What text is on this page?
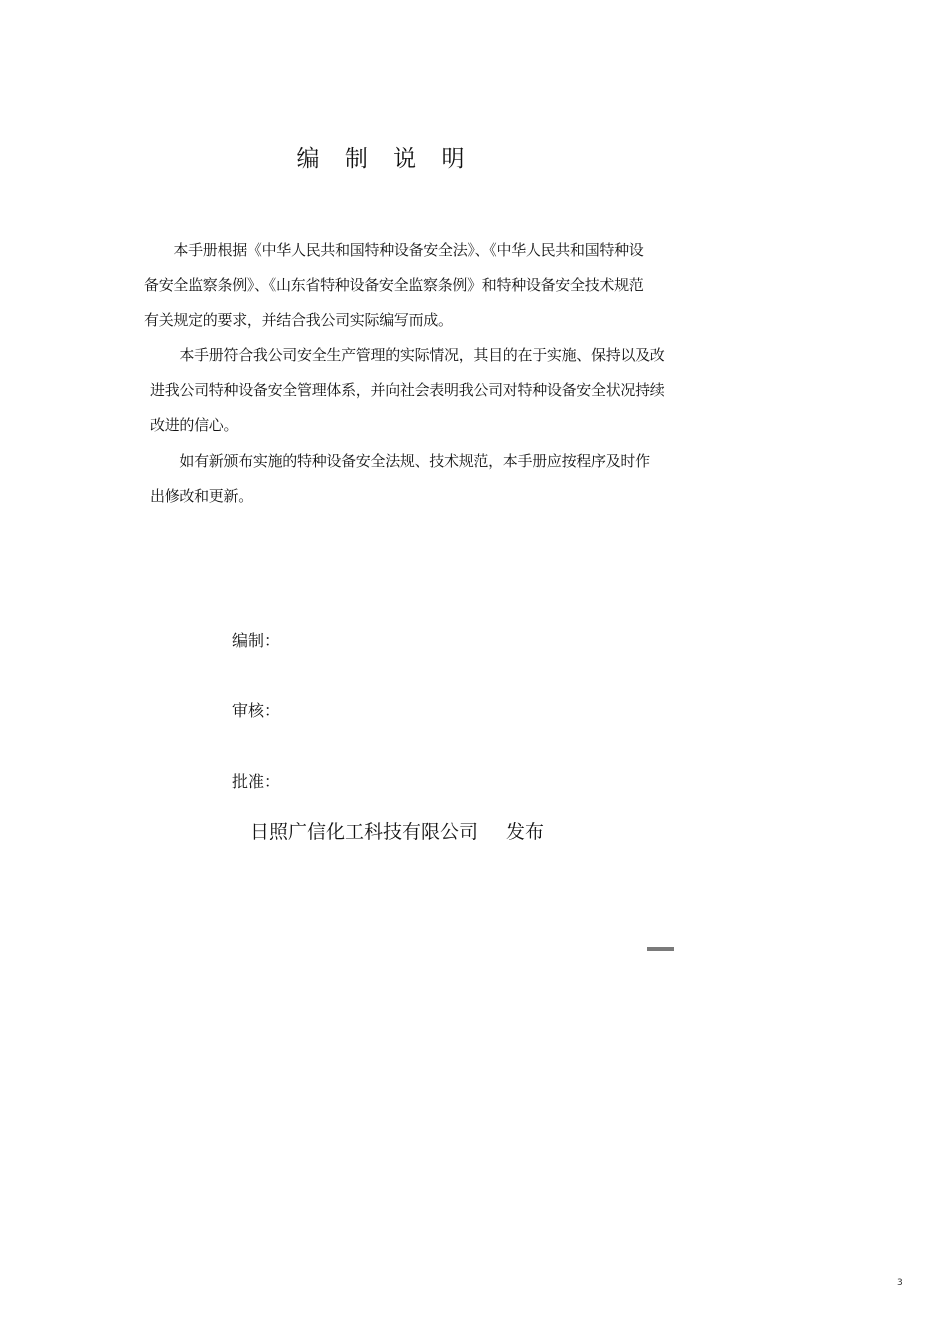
编 制 说 明

　　本手册根据《中华人民共和国特种设备安全法》、《中华人民共和国特种设
备安全监察条例》、《山东省特种设备安全监察条例》和特种设备安全技术规范
有关规定的要求，并结合我公司实际编写而成。

　　本手册符合我公司安全生产管理的实际情况，其目的在于实施、保持以及改
进我公司特种设备安全管理体系，并向社会表明我公司对特种设备安全状况持续
改进的信心。

　　如有新颁布实施的特种设备安全法规、技术规范，本手册应按程序及时作
出修改和更新。

编制：
审核：
批准：
日照广信化工科技有限公司 发布
3
